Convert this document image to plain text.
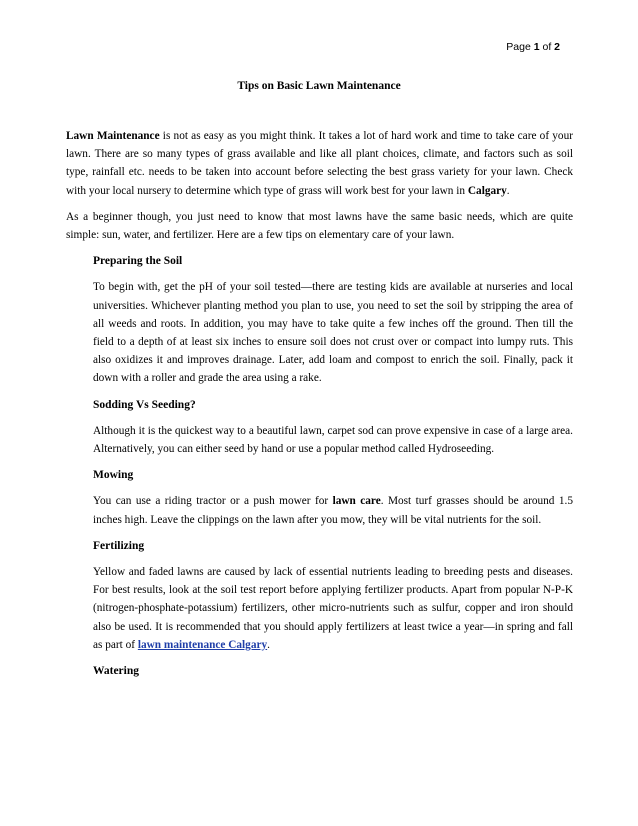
Page 1 of 2
Tips on Basic Lawn Maintenance

Lawn Maintenance is not as easy as you might think. It takes a lot of hard work and time to take care of your lawn. There are so many types of grass available and like all plant choices, climate, and factors such as soil type, rainfall etc. needs to be taken into account before selecting the best grass variety for your lawn. Check with your local nursery to determine which type of grass will work best for your lawn in Calgary.

As a beginner though, you just need to know that most lawns have the same basic needs, which are quite simple: sun, water, and fertilizer. Here are a few tips on elementary care of your lawn.

Preparing the Soil

To begin with, get the pH of your soil tested—there are testing kids are available at nurseries and local universities. Whichever planting method you plan to use, you need to set the soil by stripping the area of all weeds and roots. In addition, you may have to take quite a few inches off the ground. Then till the field to a depth of at least six inches to ensure soil does not crust over or compact into lumpy ruts. This also oxidizes it and improves drainage. Later, add loam and compost to enrich the soil. Finally, pack it down with a roller and grade the area using a rake.

Sodding Vs Seeding?

Although it is the quickest way to a beautiful lawn, carpet sod can prove expensive in case of a large area. Alternatively, you can either seed by hand or use a popular method called Hydroseeding.

Mowing

You can use a riding tractor or a push mower for lawn care. Most turf grasses should be around 1.5 inches high. Leave the clippings on the lawn after you mow, they will be vital nutrients for the soil.

Fertilizing

Yellow and faded lawns are caused by lack of essential nutrients leading to breeding pests and diseases. For best results, look at the soil test report before applying fertilizer products. Apart from popular N-P-K (nitrogen-phosphate-potassium) fertilizers, other micro-nutrients such as sulfur, copper and iron should also be used. It is recommended that you should apply fertilizers at least twice a year—in spring and fall as part of lawn maintenance Calgary.

Watering
